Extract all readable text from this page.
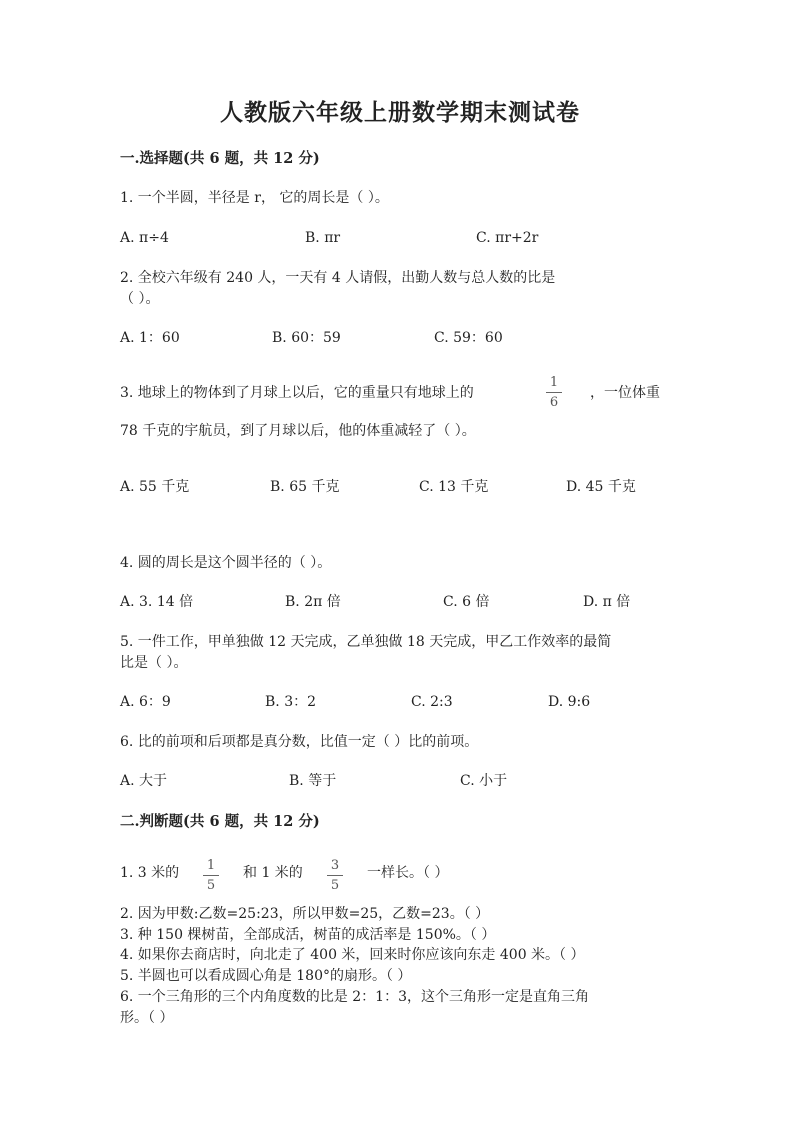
人教版六年级上册数学期末测试卷
一.选择题(共 6 题，共 12 分)
1. 一个半圆，半径是 r， 它的周长是（ ）。
A. π÷4	B. πr	C. πr+2r
2. 全校六年级有 240 人，一天有 4 人请假，出勤人数与总人数的比是
（ ）。
A. 1：60	B. 60：59	C. 59：60
3. 地球上的物体到了月球上以后，它的重量只有地球上的
1
6
，一位体重
78 千克的宇航员，到了月球以后，他的体重减轻了（ ）。
A. 55 千克	B. 65 千克	C. 13 千克	D. 45 千克
4. 圆的周长是这个圆半径的（ ）。
A. 3. 14 倍	B. 2π 倍	C. 6 倍	D. π 倍
5. 一件工作，甲单独做 12 天完成，乙单独做 18 天完成，甲乙工作效率的最简
比是（ ）。
A. 6：9	B. 3：2	C. 2:3	D. 9:6
6. 比的前项和后项都是真分数，比值一定（ ）比的前项。
A. 大于	B. 等于	C. 小于
二.判断题(共 6 题，共 12 分)
1. 3 米的	1
5
和 1 米的	3
5
一样长。（ ）
2. 因为甲数:乙数=25:23，所以甲数=25，乙数=23。（ ）
3. 种 150 棵树苗，全部成活，树苗的成活率是 150%。（ ）
4. 如果你去商店时，向北走了 400 米，回来时你应该向东走 400 米。（ ）
5. 半圆也可以看成圆心角是 180°的扇形。（ ）
6. 一个三角形的三个内角度数的比是 2：1：3，这个三角形一定是直角三角
形。（ ）
